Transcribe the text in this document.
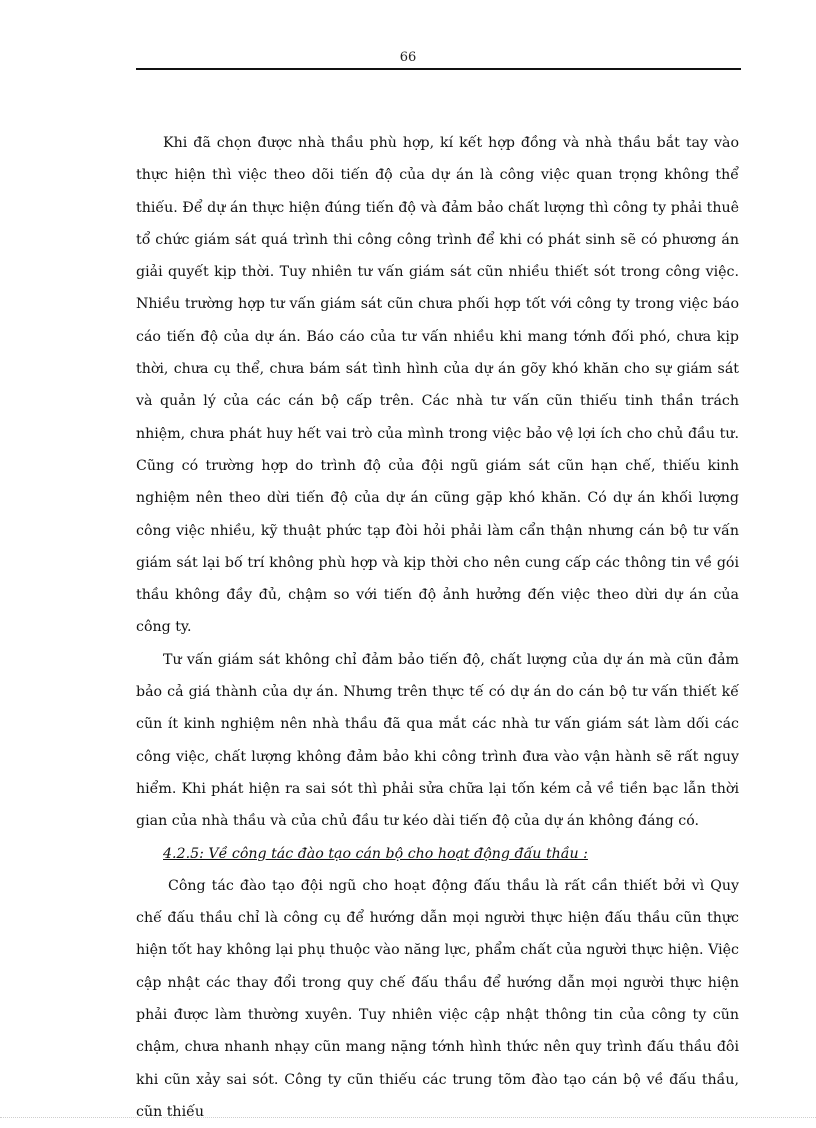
66

Khi đã chọn được nhà thầu phù hợp, kí kết hợp đồng và nhà thầu bắt tay vào thực hiện thì việc theo dõi tiến độ của dự án là công việc quan trọng không thể thiếu. Để dự án thực hiện đúng tiến độ và đảm bảo chất lượng thì công ty phải thuê tổ chức giám sát quá trình thi công công trình để khi có phát sinh sẽ có phương án giải quyết kịp thời. Tuy nhiên tư vấn giám sát cũn nhiều thiết sót trong công việc. Nhiều trường hợp tư vấn giám sát cũn chưa phối hợp tốt với công ty trong việc báo cáo tiến độ của dự án. Báo cáo của tư vấn nhiều khi mang tớnh đối phó, chưa kịp thời, chưa cụ thể, chưa bám sát tình hình của dự án gõy khó khăn cho sự giám sát và quản lý của các cán bộ cấp trên. Các nhà tư vấn cũn thiếu tinh thần trách nhiệm, chưa phát huy hết vai trò của mình trong việc bảo vệ lợi ích cho chủ đầu tư. Cũng có trường hợp do trình độ của đội ngũ giám sát cũn hạn chế, thiếu kinh nghiệm nên theo dừi tiến độ của dự án cũng gặp khó khăn. Có dự án khối lượng công việc nhiều, kỹ thuật phức tạp đòi hỏi phải làm cẩn thận nhưng cán bộ tư vấn giám sát lại bố trí không phù hợp và kịp thời cho nên cung cấp các thông tin về gói thầu không đầy đủ, chậm so với tiến độ ảnh hưởng đến việc theo dừi dự án của công ty.

Tư vấn giám sát không chỉ đảm bảo tiến độ, chất lượng của dự án mà cũn đảm bảo cả giá thành của dự án. Nhưng trên thực tế có dự án do cán bộ tư vấn thiết kế cũn ít kinh nghiệm nên nhà thầu đã qua mắt các nhà tư vấn giám sát làm dối các công việc, chất lượng không đảm bảo khi công trình đưa vào vận hành sẽ rất nguy hiểm. Khi phát hiện ra sai sót thì phải sửa chữa lại tốn kém cả về tiền bạc lẫn thời gian của nhà thầu và của chủ đầu tư kéo dài tiến độ của dự án không đáng có.

4.2.5: Về công tác đào tạo cán bộ cho hoạt động đấu thầu :

Công tác đào tạo đội ngũ cho hoạt động đấu thầu là rất cần thiết bởi vì Quy chế đấu thầu chỉ là công cụ để hướng dẫn mọi người thực hiện đấu thầu cũn thực hiện tốt hay không lại phụ thuộc vào năng lực, phẩm chất của người thực hiện. Việc cập nhật các thay đổi trong quy chế đấu thầu để hướng dẫn mọi người thực hiện phải được làm thường xuyên. Tuy nhiên việc cập nhật thông tin của công ty cũn chậm, chưa nhanh nhạy cũn mang nặng tớnh hình thức nên quy trình đấu thầu đôi khi cũn xảy sai sót. Công ty cũn thiếu các trung tõm đào tạo cán bộ về đấu thầu, cũn thiếu
